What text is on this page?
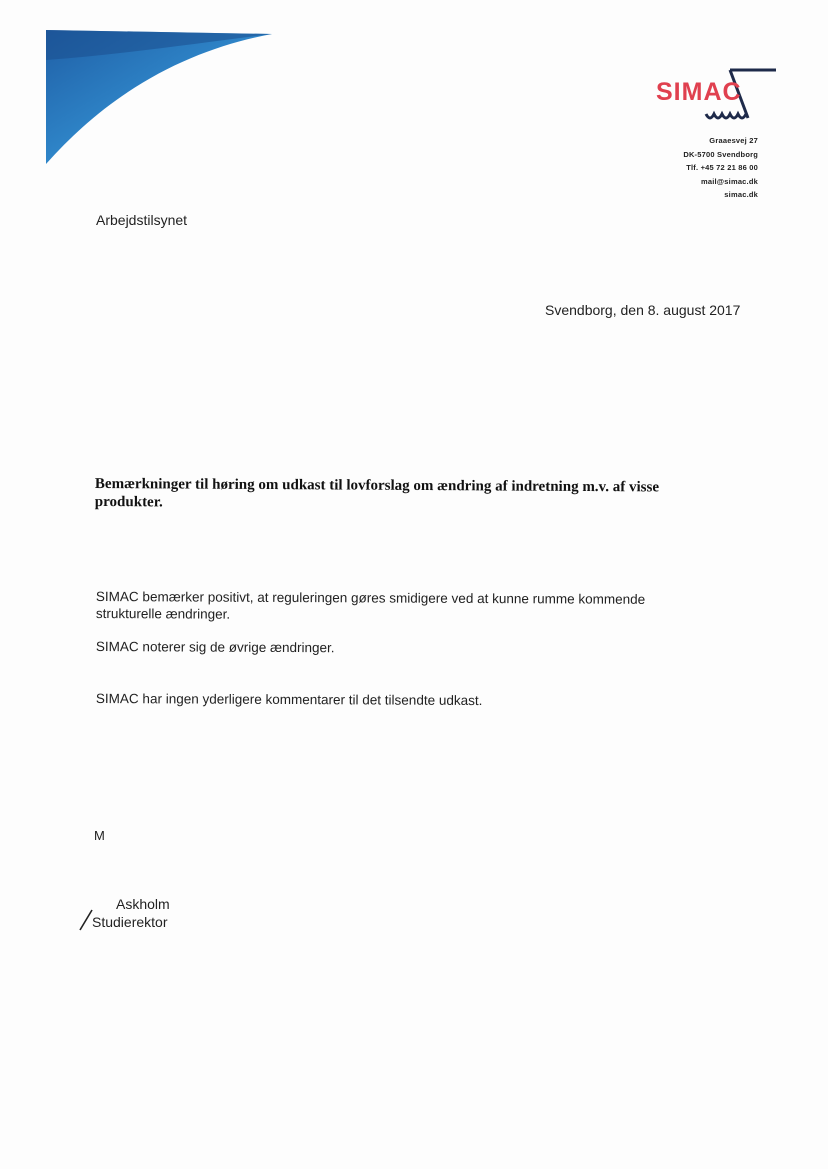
SIMAC
Graaesvej 27
DK-5700 Svendborg
Tlf. +45 72 21 86 00
mail@simac.dk
simac.dk
Arbejdstilsynet
Svendborg, den 8. august 2017
Bemærkninger til høring om udkast til lovforslag om ændring af indretning m.v. af visse produkter.
SIMAC bemærker positivt, at reguleringen gøres smidigere ved at kunne rumme kommende strukturelle ændringer.
SIMAC noterer sig de øvrige ændringer.
SIMAC har ingen yderligere kommentarer til det tilsendte udkast.
M
Askholm
Studierektor
